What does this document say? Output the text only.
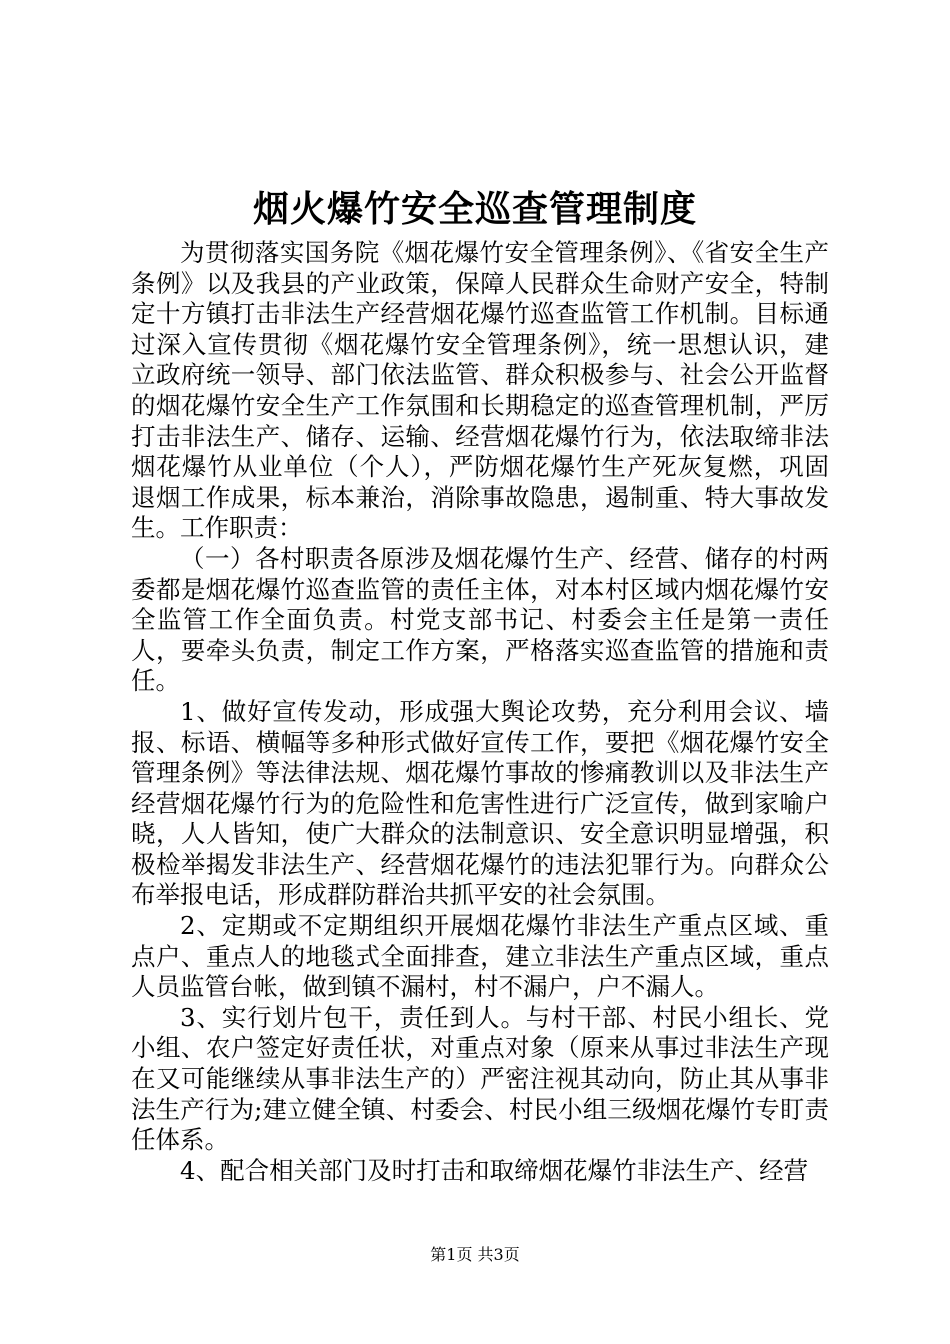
烟火爆竹安全巡查管理制度

为贯彻落实国务院《烟花爆竹安全管理条例》、《省安全生产条例》以及我县的产业政策，保障人民群众生命财产安全，特制定十方镇打击非法生产经营烟花爆竹巡查监管工作机制。目标通过深入宣传贯彻《烟花爆竹安全管理条例》，统一思想认识，建立政府统一领导、部门依法监管、群众积极参与、社会公开监督的烟花爆竹安全生产工作氛围和长期稳定的巡查管理机制，严厉打击非法生产、储存、运输、经营烟花爆竹行为，依法取缔非法烟花爆竹从业单位（个人），严防烟花爆竹生产死灰复燃，巩固退烟工作成果，标本兼治，消除事故隐患，遏制重、特大事故发生。工作职责：

（一）各村职责各原涉及烟花爆竹生产、经营、储存的村两委都是烟花爆竹巡查监管的责任主体，对本村区域内烟花爆竹安全监管工作全面负责。村党支部书记、村委会主任是第一责任人，要牵头负责，制定工作方案，严格落实巡查监管的措施和责任。

1、做好宣传发动，形成强大舆论攻势，充分利用会议、墙报、标语、横幅等多种形式做好宣传工作，要把《烟花爆竹安全管理条例》等法律法规、烟花爆竹事故的惨痛教训以及非法生产经营烟花爆竹行为的危险性和危害性进行广泛宣传，做到家喻户晓，人人皆知，使广大群众的法制意识、安全意识明显增强，积极检举揭发非法生产、经营烟花爆竹的违法犯罪行为。向群众公布举报电话，形成群防群治共抓平安的社会氛围。

2、定期或不定期组织开展烟花爆竹非法生产重点区域、重点户、重点人的地毯式全面排查，建立非法生产重点区域，重点人员监管台帐，做到镇不漏村，村不漏户，户不漏人。

3、实行划片包干，责任到人。与村干部、村民小组长、党小组、农户签定好责任状，对重点对象（原来从事过非法生产现在又可能继续从事非法生产的）严密注视其动向，防止其从事非法生产行为;建立健全镇、村委会、村民小组三级烟花爆竹专盯责任体系。

4、配合相关部门及时打击和取缔烟花爆竹非法生产、经营

第1页 共3页
